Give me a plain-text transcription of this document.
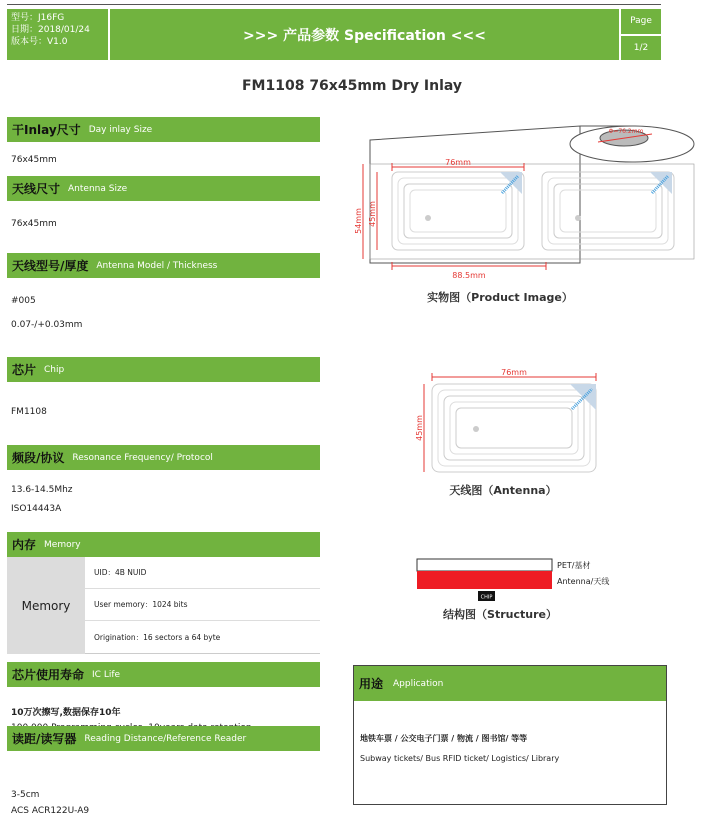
型号：J16FG
日期：2018/01/24
版本号：V1.0	>>> 产品参数 Specification <<<
Page
1/2
FM1108 76x45mm Dry Inlay
干Inlay尺寸 Day inlay Size
76x45mm
天线尺寸 Antenna Size
76x45mm
天线型号/厚度 Antenna Model / Thickness
#005
0.07-/+0.03mm
芯片 Chip
FM1108
频段/协议 Resonance Frequency/ Protocol
13.6-14.5Mhz
ISO14443A
内存 Memory
Memory
UID：4B NUID
User memory：1024 bits
Origination：16 sectors a 64 byte
芯片使用寿命 IC Life
10万次擦写,数据保存10年
读距/读写器 Reading Distance/Reference Reader
3-5cm
ACS ACR122U-A9
Φ=76.2mm
76mm
88.5mm
54mm 45mm
实物图（Product Image）
76mm
45mm
天线图（Antenna）
CHIP
PET/基材
Antenna/天线
结构图（Structure）
用途 Application
地铁车票 / 公交电子门票 / 物流 / 图书馆/ 等等
Subway tickets/ Bus RFID ticket/ Logistics/ Library
